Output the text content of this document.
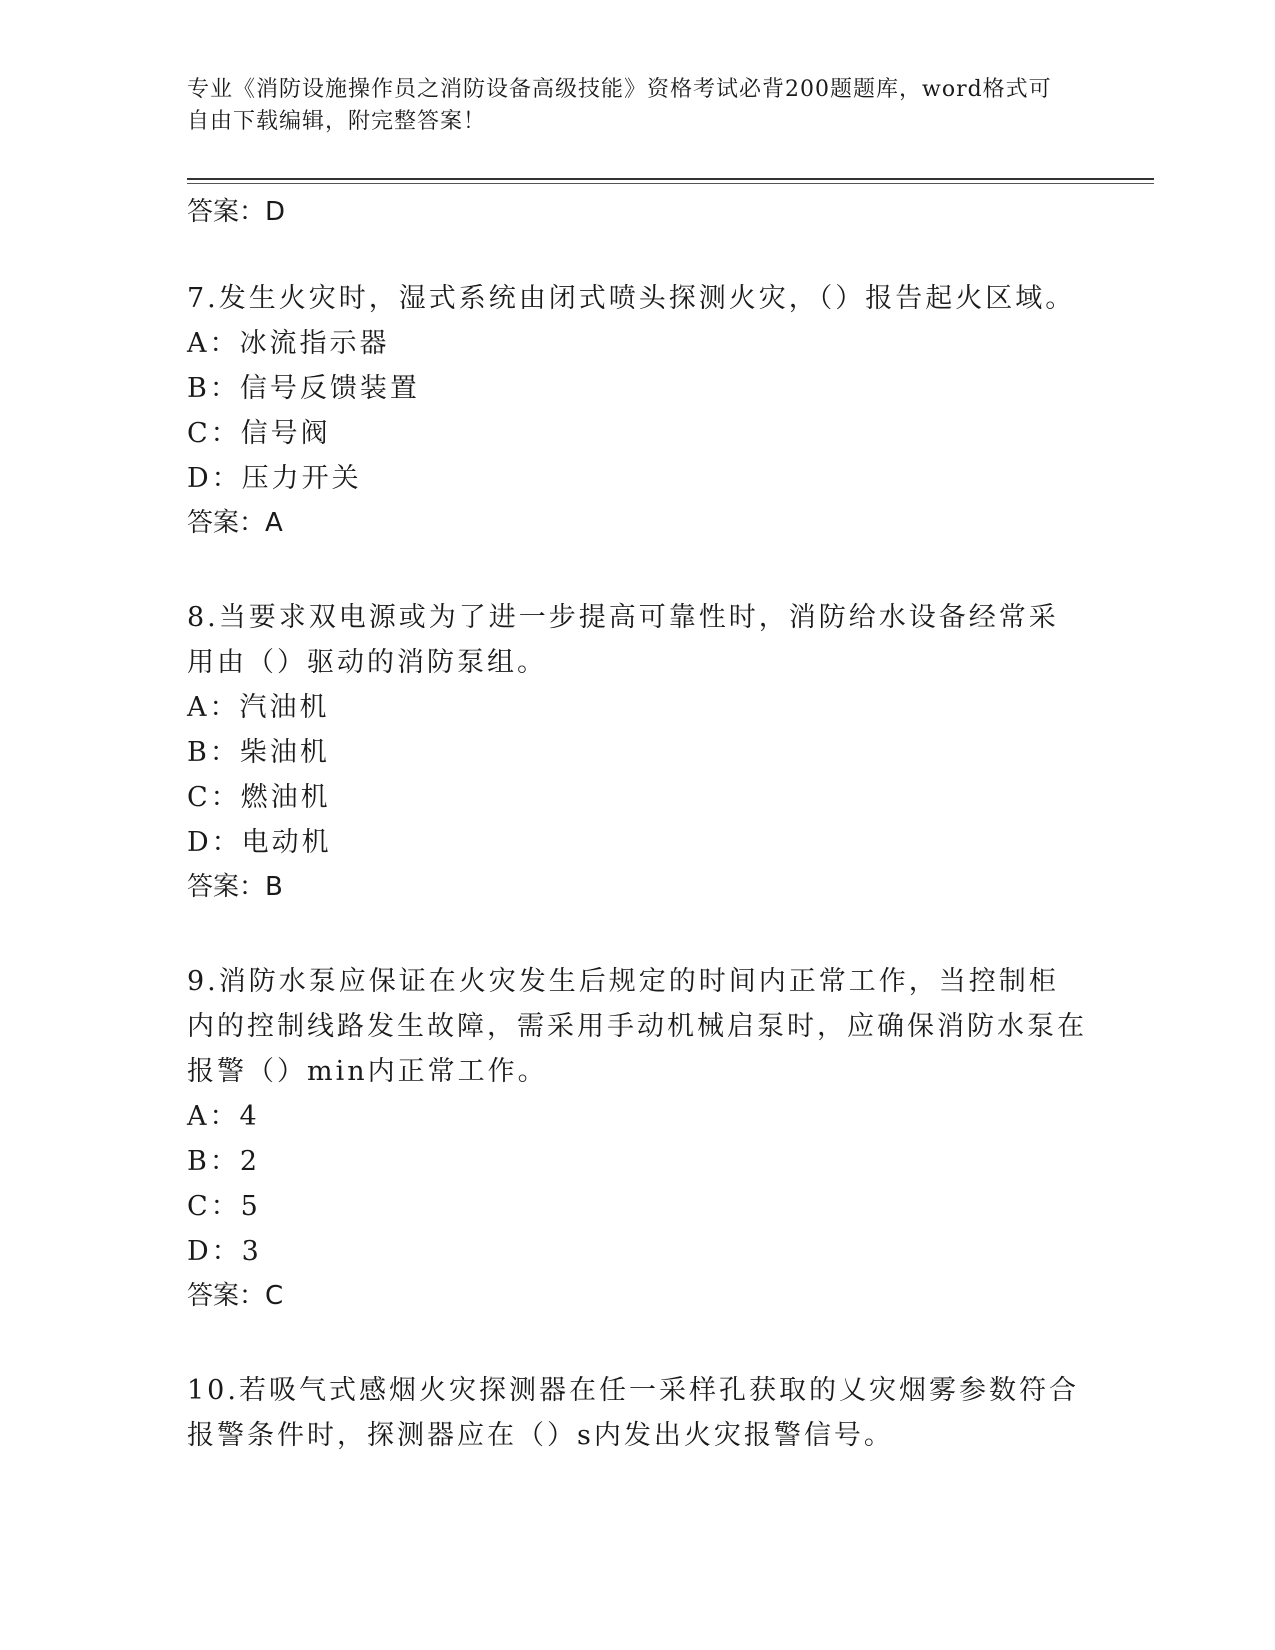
专业《消防设施操作员之消防设备高级技能》资格考试必背200题题库，word格式可自由下载编辑，附完整答案！
答案：D
7.发生火灾时，湿式系统由闭式喷头探测火灾，（）报告起火区域。
A：冰流指示器
B：信号反馈装置
C：信号阀
D：压力开关
答案：A
8.当要求双电源或为了进一步提高可靠性时，消防给水设备经常采用由（）驱动的消防泵组。
A：汽油机
B：柴油机
C：燃油机
D：电动机
答案：B
9.消防水泵应保证在火灾发生后规定的时间内正常工作，当控制柜内的控制线路发生故障，需采用手动机械启泵时，应确保消防水泵在报警（）min内正常工作。
A：4
B：2
C：5
D：3
答案：C
10.若吸气式感烟火灾探测器在任一采样孔获取的乂灾烟雾参数符合报警条件时，探测器应在（）s内发出火灾报警信号。
